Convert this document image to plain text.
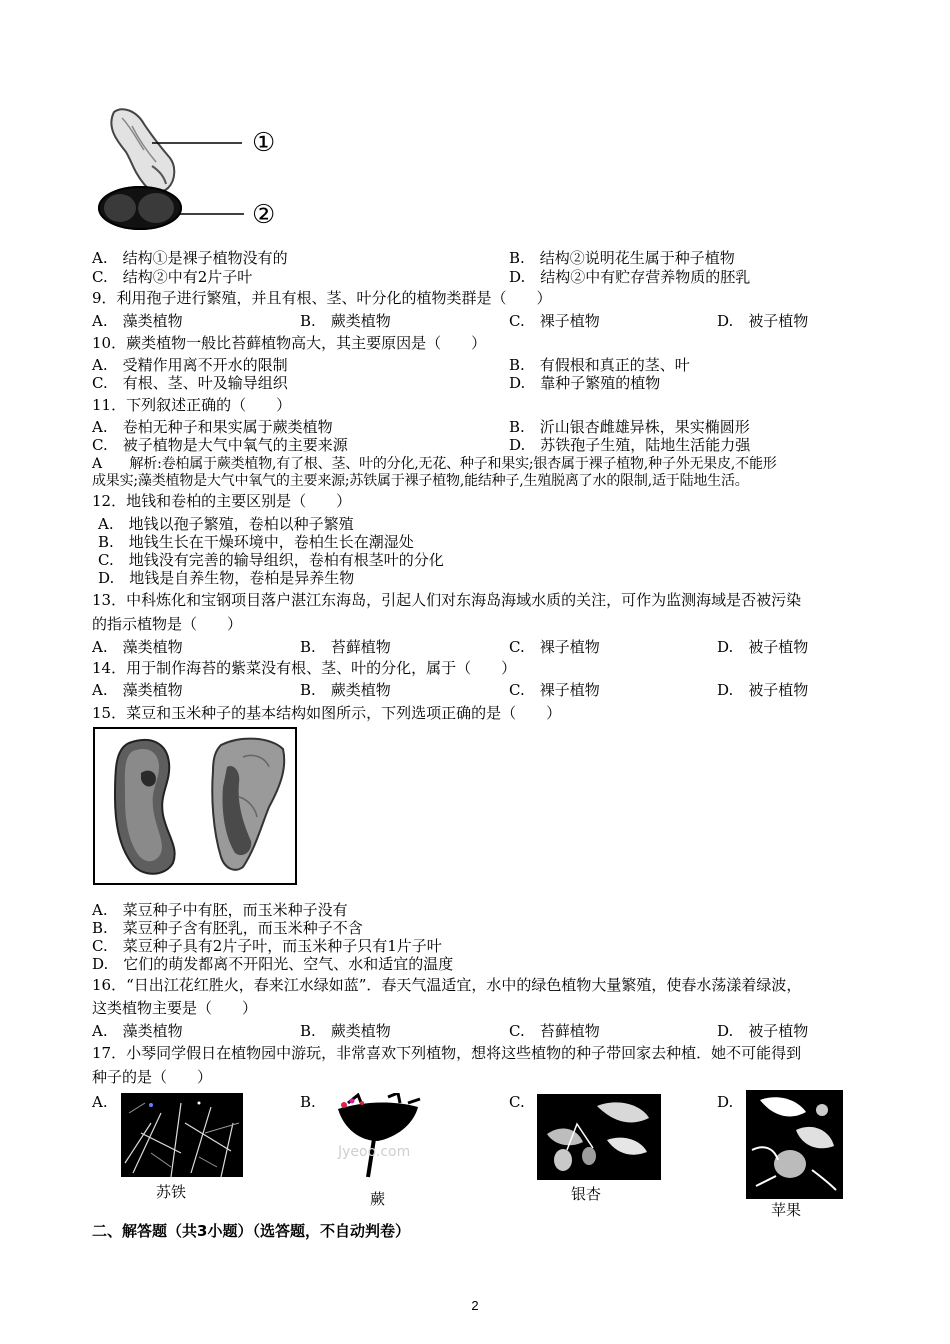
①
②
A.　结构①是裸子植物没有的	B.　结构②说明花生属于种子植物
C.　结构②中有2片子叶	D.　结构②中有贮存营养物质的胚乳
9．利用孢子进行繁殖，并且有根、茎、叶分化的植物类群是（　　）
A.　藻类植物	B.　蕨类植物	C.　裸子植物	D.　被子植物
10．蕨类植物一般比苔藓植物高大，其主要原因是（　　）
A.　受精作用离不开水的限制	B.　有假根和真正的茎、叶
C.　有根、茎、叶及输导组织	D.　靠种子繁殖的植物
11．下列叙述正确的（　　）
A.　卷柏无种子和果实属于蕨类植物	B.　沂山银杏雌雄异株，果实椭圆形
C.　被子植物是大气中氧气的主要来源	D.　苏铁孢子生殖，陆地生活能力强
A　　解析:卷柏属于蕨类植物,有了根、茎、叶的分化,无花、种子和果实;银杏属于裸子植物,种子外无果皮,不能形
成果实;藻类植物是大气中氧气的主要来源;苏铁属于裸子植物,能结种子,生殖脱离了水的限制,适于陆地生活。
12．地钱和卷柏的主要区别是（　　）
A.　地钱以孢子繁殖，卷柏以种子繁殖
B.　地钱生长在干燥环境中，卷柏生长在潮湿处
C.　地钱没有完善的输导组织，卷柏有根茎叶的分化
D.　地钱是自养生物，卷柏是异养生物
13．中科炼化和宝钢项目落户湛江东海岛，引起人们对东海岛海域水质的关注，可作为监测海域是否被污染
的指示植物是（　　）
A.　藻类植物	B.　苔藓植物	C.　裸子植物	D.　被子植物
14．用于制作海苔的紫菜没有根、茎、叶的分化，属于（　　）
A.　藻类植物	B.　蕨类植物	C.　裸子植物	D.　被子植物
15．菜豆和玉米种子的基本结构如图所示，下列选项正确的是（　　）
A.　菜豆种子中有胚，而玉米种子没有
B.　菜豆种子含有胚乳，而玉米种子不含
C.　菜豆种子具有2片子叶，而玉米种子只有1片子叶
D.　它们的萌发都离不开阳光、空气、水和适宜的温度
16．“日出江花红胜火，春来江水绿如蓝”．春天气温适宜，水中的绿色植物大量繁殖，使春水荡漾着绿波，
这类植物主要是（　　）
A.　藻类植物	B.　蕨类植物	C.　苔藓植物	D.　被子植物
17．小琴同学假日在植物园中游玩，非常喜欢下列植物，想将这些植物的种子带回家去种植．她不可能得到
种子的是（　　）
A.
苏铁
B.
Jyeoo.com
蕨
C.
银杏
D.
苹果
二、解答题（共3小题）（选答题，不自动判卷）
2
